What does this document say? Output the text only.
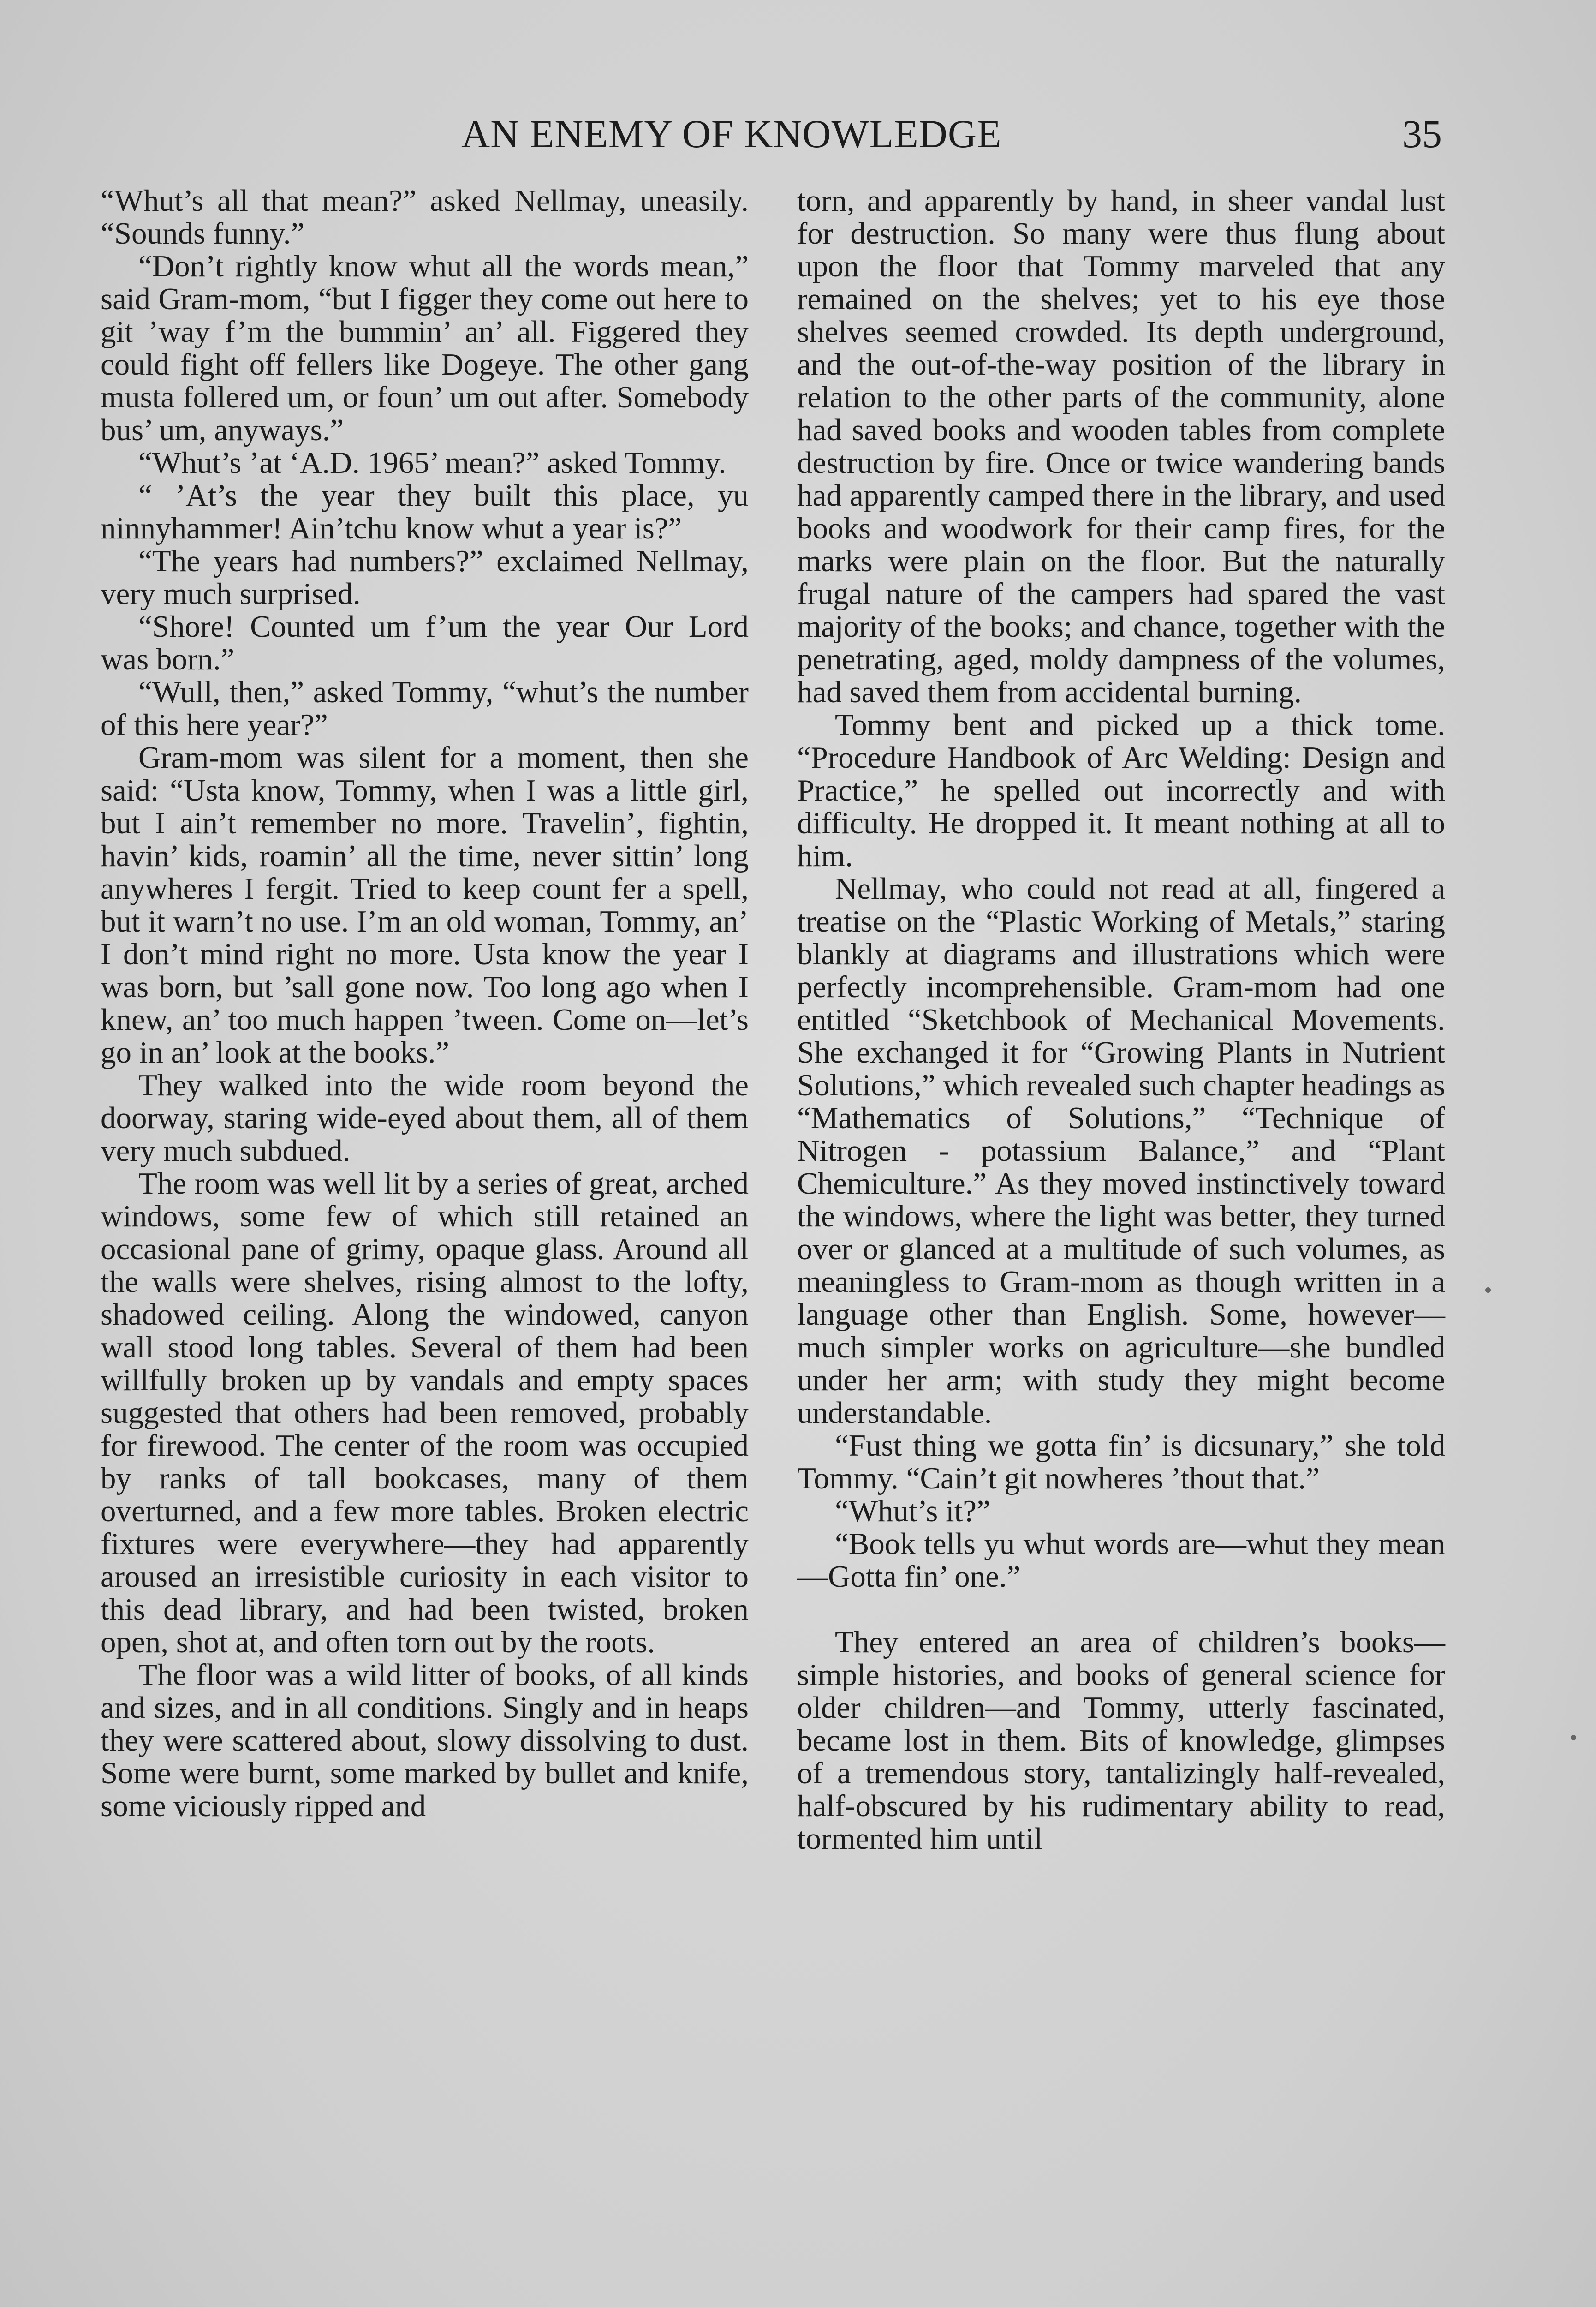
AN ENEMY OF KNOWLEDGE	35

“Whut’s all that mean?” asked Nellmay, uneasily. “Sounds funny.”

“Don’t rightly know whut all the words mean,” said Gram-mom, “but I figger they come out here to git ’way f’m the bummin’ an’ all. Figgered they could fight off fellers like Dogeye. The other gang musta follered um, or foun’ um out after. Somebody bus’ um, anyways.”

“Whut’s ’at ‘A.D. 1965’ mean?” asked Tommy.

“ ’At’s the year they built this place, yu ninnyhammer! Ain’tchu know whut a year is?”

“The years had numbers?” exclaimed Nellmay, very much surprised.

“Shore! Counted um f’um the year Our Lord was born.”

“Wull, then,” asked Tommy, “whut’s the number of this here year?”

Gram-mom was silent for a moment, then she said: “Usta know, Tommy, when I was a little girl, but I ain’t remember no more. Travelin’, fightin, havin’ kids, roamin’ all the time, never sittin’ long anywheres I fergit. Tried to keep count fer a spell, but it warn’t no use. I’m an old woman, Tommy, an’ I don’t mind right no more. Usta know the year I was born, but ’sall gone now. Too long ago when I knew, an’ too much happen ’tween. Come on—let’s go in an’ look at the books.”

They walked into the wide room beyond the doorway, staring wide-eyed about them, all of them very much subdued.

The room was well lit by a series of great, arched windows, some few of which still retained an occasional pane of grimy, opaque glass. Around all the walls were shelves, rising almost to the lofty, shadowed ceiling. Along the windowed, canyon wall stood long tables. Several of them had been willfully broken up by vandals and empty spaces suggested that others had been removed, probably for firewood. The center of the room was occupied by ranks of tall bookcases, many of them overturned, and a few more tables. Broken electric fixtures were everywhere—they had apparently aroused an irresistible curiosity in each visitor to this dead library, and had been twisted, broken open, shot at, and often torn out by the roots.

The floor was a wild litter of books, of all kinds and sizes, and in all conditions. Singly and in heaps they were scattered about, slowy dissolving to dust. Some were burnt, some marked by bullet and knife, some viciously ripped and

torn, and apparently by hand, in sheer vandal lust for destruction. So many were thus flung about upon the floor that Tommy marveled that any remained on the shelves; yet to his eye those shelves seemed crowded. Its depth underground, and the out-of-the-way position of the library in relation to the other parts of the community, alone had saved books and wooden tables from complete destruction by fire. Once or twice wandering bands had apparently camped there in the library, and used books and woodwork for their camp fires, for the marks were plain on the floor. But the naturally frugal nature of the campers had spared the vast majority of the books; and chance, together with the penetrating, aged, moldy dampness of the volumes, had saved them from accidental burning.

Tommy bent and picked up a thick tome. “Procedure Handbook of Arc Welding: Design and Practice,” he spelled out incorrectly and with difficulty. He dropped it. It meant nothing at all to him.

Nellmay, who could not read at all, fingered a treatise on the “Plastic Working of Metals,” staring blankly at diagrams and illustrations which were perfectly incomprehensible. Gram-mom had one entitled “Sketchbook of Mechanical Movements. She exchanged it for “Growing Plants in Nutrient Solutions,” which revealed such chapter headings as “Mathematics of Solutions,” “Technique of Nitrogen - potassium Balance,” and “Plant Chemiculture.” As they moved instinctively toward the windows, where the light was better, they turned over or glanced at a multitude of such volumes, as meaningless to Gram-mom as though written in a language other than English. Some, however—much simpler works on agriculture—she bundled under her arm; with study they might become understandable.

“Fust thing we gotta fin’ is dicsunary,” she told Tommy. “Cain’t git nowheres ’thout that.”

“Whut’s it?”

“Book tells yu whut words are—whut they mean—Gotta fin’ one.”

They entered an area of children’s books—simple histories, and books of general science for older children—and Tommy, utterly fascinated, became lost in them. Bits of knowledge, glimpses of a tremendous story, tantalizingly half-revealed, half-obscured by his rudimentary ability to read, tormented him until
